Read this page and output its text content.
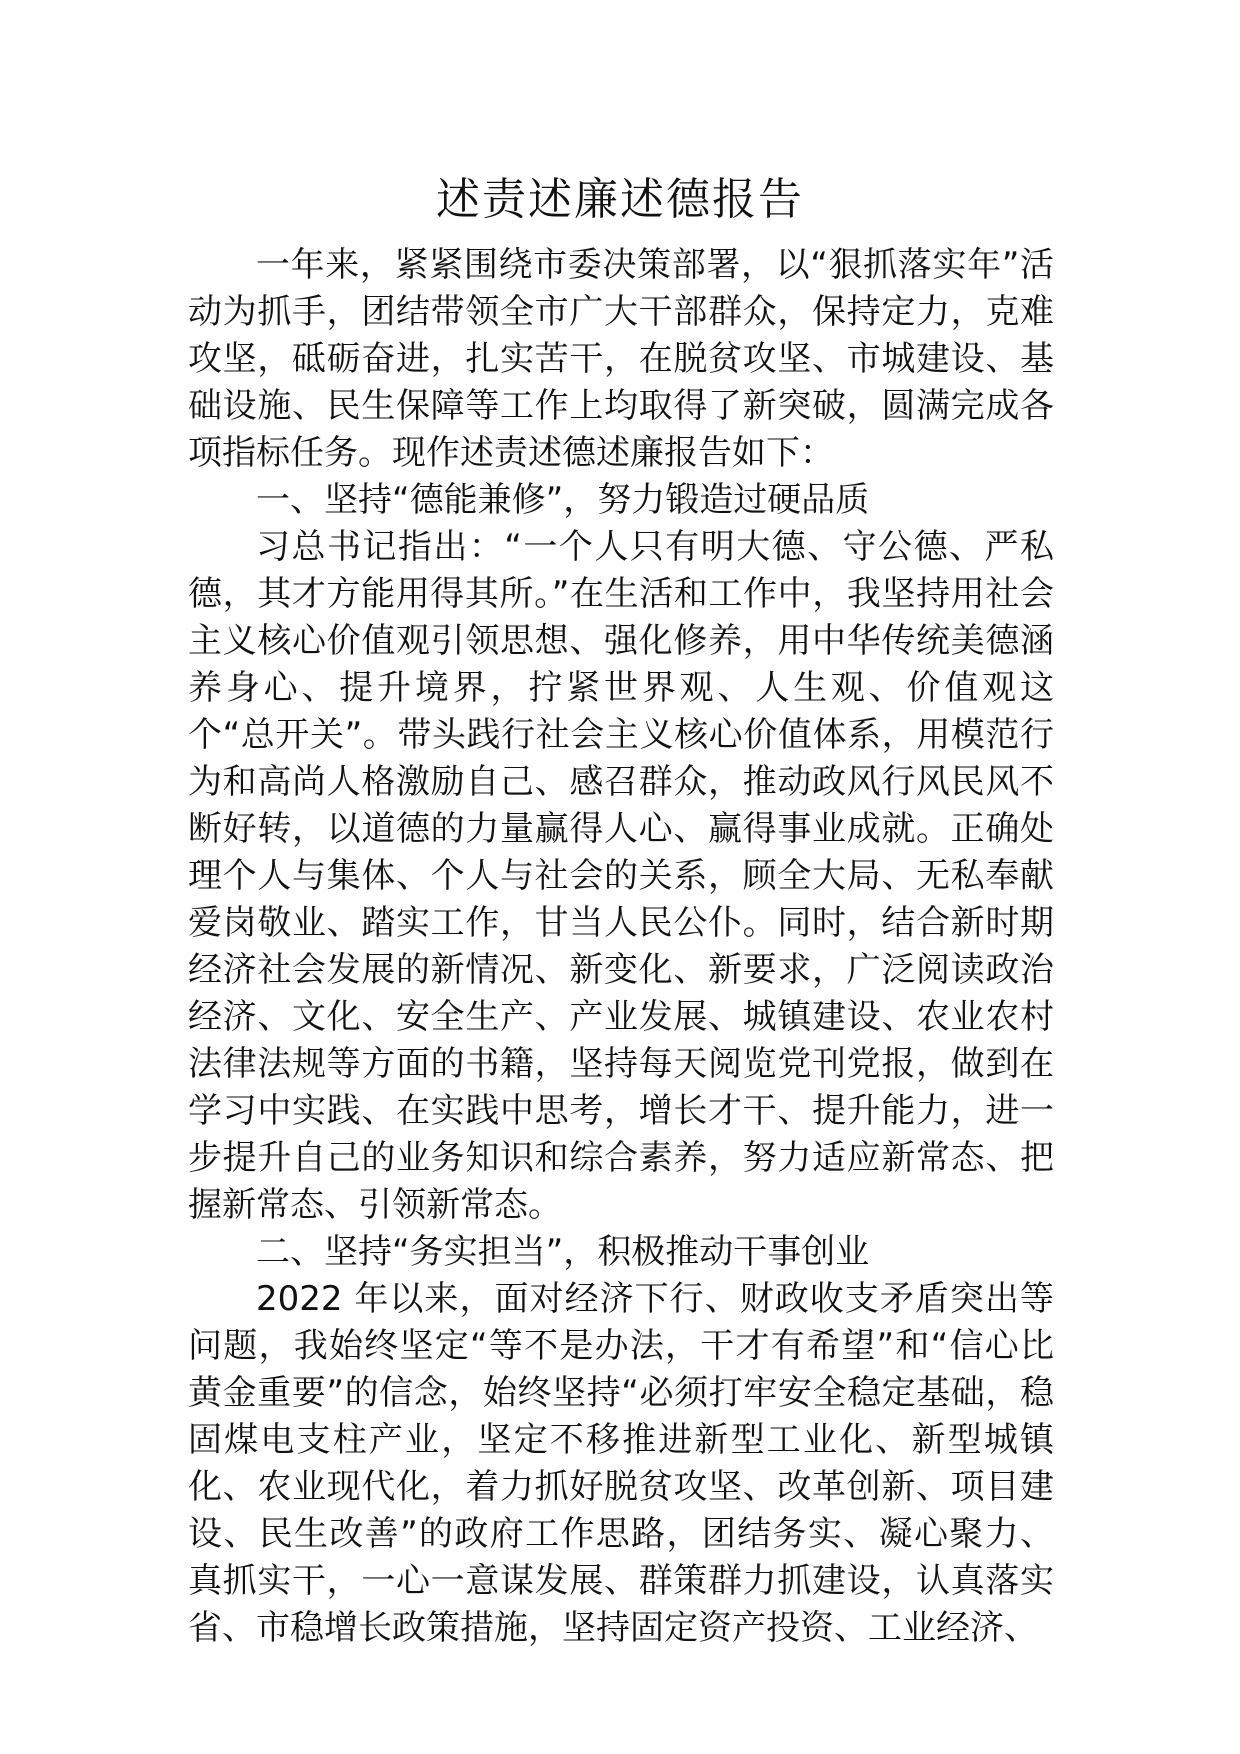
述责述廉述德报告

一年来，紧紧围绕市委决策部署，以“狠抓落实年”活动为抓手，团结带领全市广大干部群众，保持定力，克难攻坚，砥砺奋进，扎实苦干，在脱贫攻坚、市城建设、基础设施、民生保障等工作上均取得了新突破，圆满完成各项指标任务。现作述责述德述廉报告如下：

一、坚持“德能兼修”，努力锻造过硬品质

习总书记指出：“一个人只有明大德、守公德、严私德，其才方能用得其所。”在生活和工作中，我坚持用社会主义核心价值观引领思想、强化修养，用中华传统美德涵养身心、提升境界，拧紧世界观、人生观、价值观这个“总开关”。带头践行社会主义核心价值体系，用模范行为和高尚人格激励自己、感召群众，推动政风行风民风不断好转，以道德的力量赢得人心、赢得事业成就。正确处理个人与集体、个人与社会的关系，顾全大局、无私奉献爱岗敬业、踏实工作，甘当人民公仆。同时，结合新时期经济社会发展的新情况、新变化、新要求，广泛阅读政治经济、文化、安全生产、产业发展、城镇建设、农业农村法律法规等方面的书籍，坚持每天阅览党刊党报，做到在学习中实践、在实践中思考，增长才干、提升能力，进一步提升自己的业务知识和综合素养，努力适应新常态、把握新常态、引领新常态。

二、坚持“务实担当”，积极推动干事创业

2022 年以来，面对经济下行、财政收支矛盾突出等问题，我始终坚定“等不是办法，干才有希望”和“信心比黄金重要”的信念，始终坚持“必须打牢安全稳定基础，稳固煤电支柱产业，坚定不移推进新型工业化、新型城镇化、农业现代化，着力抓好脱贫攻坚、改革创新、项目建设、民生改善”的政府工作思路，团结务实、凝心聚力、真抓实干，一心一意谋发展、群策群力抓建设，认真落实省、市稳增长政策措施，坚持固定资产投资、工业经济、
